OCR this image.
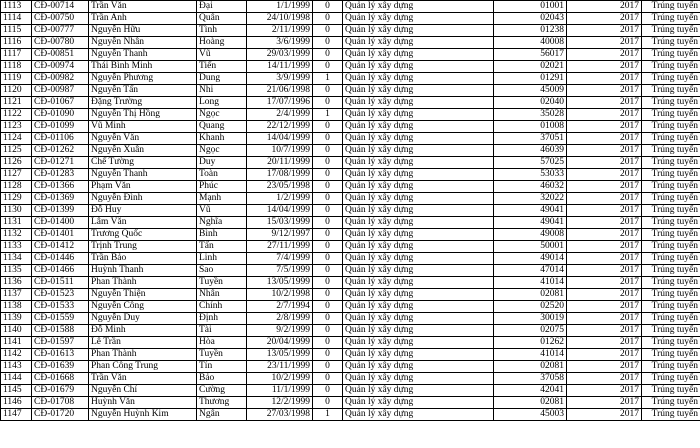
1113	CĐ-00714	Trần Văn	Đại	1/1/1999	0	Quản lý xây dựng	01001	2017	Trúng tuyển
1114	CĐ-00750	Trần Anh	Quân	24/10/1998	0	Quản lý xây dựng	02043	2017	Trúng tuyển
1115	CĐ-00777	Nguyễn Hữu	Tình	2/11/1999	0	Quản lý xây dựng	01238	2017	Trúng tuyển
1116	CĐ-00780	Nguyễn Nhân	Hoàng	3/6/1999	0	Quản lý xây dựng	40008	2017	Trúng tuyển
1117	CĐ-00851	Nguyễn Thanh	Vũ	29/03/1999	0	Quản lý xây dựng	56017	2017	Trúng tuyển
1118	CĐ-00974	Thái Bình Minh	Tiến	14/11/1999	0	Quản lý xây dựng	02021	2017	Trúng tuyển
1119	CĐ-00982	Nguyễn Phương	Dung	3/9/1999	1	Quản lý xây dựng	01291	2017	Trúng tuyển
1120	CĐ-00987	Nguyễn Tấn	Nhi	21/06/1998	0	Quản lý xây dựng	45009	2017	Trúng tuyển
1121	CĐ-01067	Đặng Trường	Long	17/07/1996	0	Quản lý xây dựng	02040	2017	Trúng tuyển
1122	CĐ-01090	Nguyễn Thị Hồng	Ngọc	2/4/1999	1	Quản lý xây dựng	35028	2017	Trúng tuyển
1123	CĐ-01099	Vũ Minh	Quang	22/12/1999	0	Quản lý xây dựng	01008	2017	Trúng tuyển
1124	CĐ-01106	Nguyễn Văn	Khanh	14/04/1999	0	Quản lý xây dựng	37051	2017	Trúng tuyển
1125	CĐ-01262	Nguyễn Xuân	Ngọc	10/7/1999	0	Quản lý xây dựng	46039	2017	Trúng tuyển
1126	CĐ-01271	Chế Tường	Duy	20/11/1999	0	Quản lý xây dựng	57025	2017	Trúng tuyển
1127	CĐ-01283	Nguyễn Thanh	Toàn	17/08/1999	0	Quản lý xây dựng	53033	2017	Trúng tuyển
1128	CĐ-01366	Phạm Văn	Phúc	23/05/1998	0	Quản lý xây dựng	46032	2017	Trúng tuyển
1129	CĐ-01369	Nguyễn Đình	Mạnh	1/2/1999	0	Quản lý xây dựng	32022	2017	Trúng tuyển
1130	CĐ-01399	Đỗ Huy	Vũ	14/04/1999	0	Quản lý xây dựng	49041	2017	Trúng tuyển
1131	CĐ-01400	Lâm Văn	Nghĩa	15/03/1999	0	Quản lý xây dựng	49041	2017	Trúng tuyển
1132	CĐ-01401	Trương Quốc	Bình	9/12/1997	0	Quản lý xây dựng	49008	2017	Trúng tuyển
1133	CĐ-01412	Trịnh Trung	Tấn	27/11/1999	0	Quản lý xây dựng	50001	2017	Trúng tuyển
1134	CĐ-01446	Trần Bảo	Linh	7/4/1999	0	Quản lý xây dựng	49014	2017	Trúng tuyển
1135	CĐ-01466	Huỳnh Thanh	Sao	7/5/1999	0	Quản lý xây dựng	47014	2017	Trúng tuyển
1136	CĐ-01511	Phan Thành	Tuyền	13/05/1999	0	Quản lý xây dựng	41014	2017	Trúng tuyển
1137	CĐ-01523	Nguyễn Thiện	Nhân	10/2/1998	0	Quản lý xây dựng	02081	2017	Trúng tuyển
1138	CĐ-01533	Nguyễn Công	Chính	2/7/1994	0	Quản lý xây dựng	02520	2017	Trúng tuyển
1139	CĐ-01559	Nguyễn Duy	Định	2/8/1999	0	Quản lý xây dựng	30019	2017	Trúng tuyển
1140	CĐ-01588	Đỗ Minh	Tài	9/2/1999	0	Quản lý xây dựng	02075	2017	Trúng tuyển
1141	CĐ-01597	Lê Trần	Hòa	20/04/1999	0	Quản lý xây dựng	01262	2017	Trúng tuyển
1142	CĐ-01613	Phan Thành	Tuyền	13/05/1999	0	Quản lý xây dựng	41014	2017	Trúng tuyển
1143	CĐ-01639	Phan Công Trung	Tín	23/11/1999	0	Quản lý xây dựng	02081	2017	Trúng tuyển
1144	CĐ-01668	Trần Văn	Bảo	10/2/1999	0	Quản lý xây dựng	37058	2017	Trúng tuyển
1145	CĐ-01679	Nguyễn Chí	Cường	11/1/1999	0	Quản lý xây dựng	42041	2017	Trúng tuyển
1146	CĐ-01708	Huỳnh Văn	Thương	12/2/1999	0	Quản lý xây dựng	02081	2017	Trúng tuyển
1147	CĐ-01720	Nguyễn Huỳnh Kim	Ngân	27/03/1998	1	Quản lý xây dựng	45003	2017	Trúng tuyển
